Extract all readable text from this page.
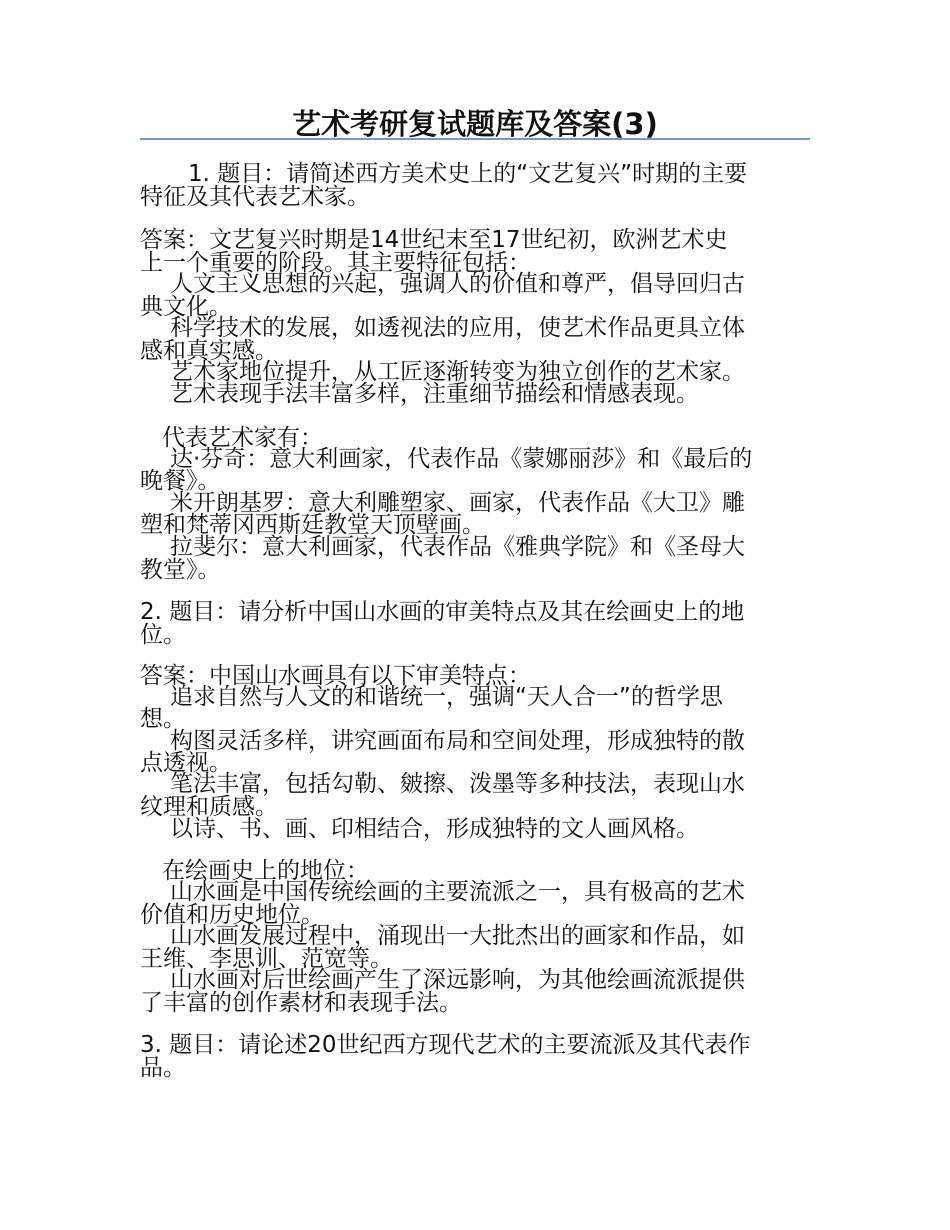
艺术考研复试题库及答案(3)
1. 题目：请简述西方美术史上的“文艺复兴”时期的主要
特征及其代表艺术家。
答案：文艺复兴时期是14世纪末至17世纪初，欧洲艺术史
上一个重要的阶段。其主要特征包括：
人文主义思想的兴起，强调人的价值和尊严，倡导回归古
典文化。
科学技术的发展，如透视法的应用，使艺术作品更具立体
感和真实感。
艺术家地位提升，从工匠逐渐转变为独立创作的艺术家。
艺术表现手法丰富多样，注重细节描绘和情感表现。
代表艺术家有：
达·芬奇：意大利画家，代表作品《蒙娜丽莎》和《最后的
晚餐》。
米开朗基罗：意大利雕塑家、画家，代表作品《大卫》雕
塑和梵蒂冈西斯廷教堂天顶壁画。
拉斐尔：意大利画家，代表作品《雅典学院》和《圣母大
教堂》。
2. 题目：请分析中国山水画的审美特点及其在绘画史上的地
位。
答案：中国山水画具有以下审美特点：
追求自然与人文的和谐统一，强调“天人合一”的哲学思
想。
构图灵活多样，讲究画面布局和空间处理，形成独特的散
点透视。
笔法丰富，包括勾勒、皴擦、泼墨等多种技法，表现山水
纹理和质感。
以诗、书、画、印相结合，形成独特的文人画风格。
在绘画史上的地位：
山水画是中国传统绘画的主要流派之一，具有极高的艺术
价值和历史地位。
山水画发展过程中，涌现出一大批杰出的画家和作品，如
王维、李思训、范宽等。
山水画对后世绘画产生了深远影响，为其他绘画流派提供
了丰富的创作素材和表现手法。
3. 题目：请论述20世纪西方现代艺术的主要流派及其代表作
品。
